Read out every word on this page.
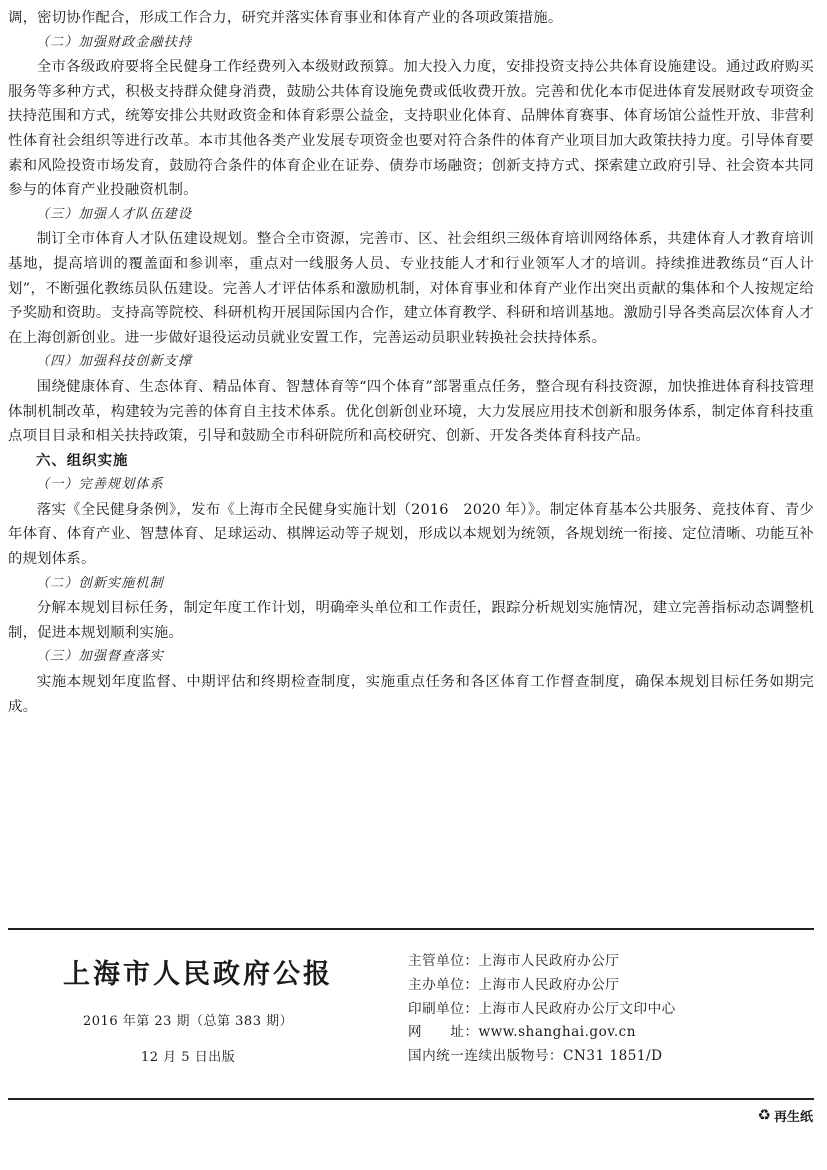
调，密切协作配合，形成工作合力，研究并落实体育事业和体育产业的各项政策措施。

（二）加强财政金融扶持

全市各级政府要将全民健身工作经费列入本级财政预算。加大投入力度，安排投资支持公共体育设施建设。通过政府购买服务等多种方式，积极支持群众健身消费，鼓励公共体育设施免费或低收费开放。完善和优化本市促进体育发展财政专项资金扶持范围和方式，统筹安排公共财政资金和体育彩票公益金，支持职业化体育、品牌体育赛事、体育场馆公益性开放、非营利性体育社会组织等进行改革。本市其他各类产业发展专项资金也要对符合条件的体育产业项目加大政策扶持力度。引导体育要素和风险投资市场发育，鼓励符合条件的体育企业在证券、债券市场融资；创新支持方式、探索建立政府引导、社会资本共同参与的体育产业投融资机制。

（三）加强人才队伍建设

制订全市体育人才队伍建设规划。整合全市资源，完善市、区、社会组织三级体育培训网络体系，共建体育人才教育培训基地，提高培训的覆盖面和参训率，重点对一线服务人员、专业技能人才和行业领军人才的培训。持续推进教练员“百人计划”，不断强化教练员队伍建设。完善人才评估体系和激励机制，对体育事业和体育产业作出突出贡献的集体和个人按规定给予奖励和资助。支持高等院校、科研机构开展国际国内合作，建立体育教学、科研和培训基地。激励引导各类高层次体育人才在上海创新创业。进一步做好退役运动员就业安置工作，完善运动员职业转换社会扶持体系。

（四）加强科技创新支撑

围绕健康体育、生态体育、精品体育、智慧体育等“四个体育”部署重点任务，整合现有科技资源，加快推进体育科技管理体制机制改革，构建较为完善的体育自主技术体系。优化创新创业环境，大力发展应用技术创新和服务体系，制定体育科技重点项目目录和相关扶持政策，引导和鼓励全市科研院所和高校研究、创新、开发各类体育科技产品。

六、组织实施

（一）完善规划体系

落实《全民健身条例》，发布《上海市全民健身实施计划（2016　2020 年）》。制定体育基本公共服务、竞技体育、青少年体育、体育产业、智慧体育、足球运动、棋牌运动等子规划，形成以本规划为统领，各规划统一衔接、定位清晰、功能互补的规划体系。

（二）创新实施机制

分解本规划目标任务，制定年度工作计划，明确牵头单位和工作责任，跟踪分析规划实施情况，建立完善指标动态调整机制，促进本规划顺利实施。

（三）加强督查落实

实施本规划年度监督、中期评估和终期检查制度，实施重点任务和各区体育工作督查制度，确保本规划目标任务如期完成。

上海市人民政府公报
2016 年第 23 期（总第 383 期）
12 月 5 日出版
主管单位：上海市人民政府办公厅
主办单位：上海市人民政府办公厅
印刷单位：上海市人民政府办公厅文印中心
网　　址：www.shanghai.gov.cn
国内统一连续出版物号：CN31 1851/D
♻ 再生纸
